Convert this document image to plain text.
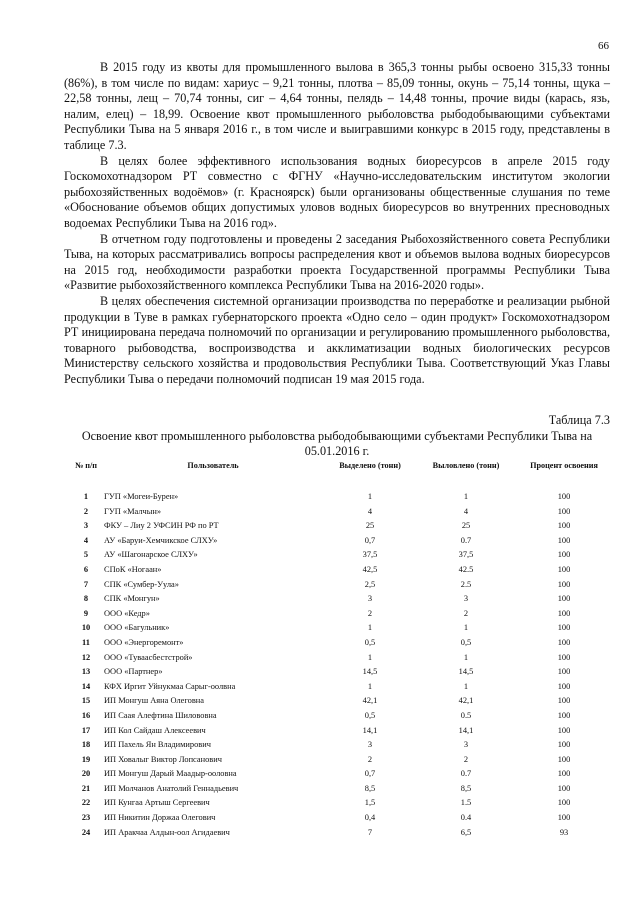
66

В 2015 году из квоты для промышленного вылова в 365,3 тонны рыбы освоено 315,33 тонны (86%), в том числе по видам: хариус – 9,21 тонны, плотва – 85,09 тонны, окунь – 75,14 тонны, щука – 22,58 тонны, лещ – 70,74 тонны, сиг – 4,64 тонны, пелядь – 14,48 тонны, прочие виды (карась, язь, налим, елец) – 18,99. Освоение квот промышленного рыболовства рыбодобывающими субъектами Республики Тыва на 5 января 2016 г., в том числе и выигравшими конкурс в 2015 году, представлены в таблице 7.3.

В целях более эффективного использования водных биоресурсов в апреле 2015 году Госкомохотнадзором РТ совместно с ФГНУ «Научно-исследовательским институтом экологии рыбохозяйственных водоёмов» (г. Красноярск) были организованы общественные слушания по теме «Обоснование объемов общих допустимых уловов водных биоресурсов во внутренних пресноводных водоемах Республики Тыва на 2016 год».

В отчетном году подготовлены и проведены 2 заседания Рыбохозяйственного совета Республики Тыва, на которых рассматривались вопросы распределения квот и объемов вылова водных биоресурсов на 2015 год, необходимости разработки проекта Государственной программы Республики Тыва «Развитие рыбохозяйственного комплекса Республики Тыва на 2016-2020 годы».

В целях обеспечения системной организации производства по переработке и реализации рыбной продукции в Туве в рамках губернаторского проекта «Одно село – один продукт» Госкомохотнадзором РТ инициирована передача полномочий по организации и регулированию промышленного рыболовства, товарного рыбоводства, воспроизводства и акклиматизации водных биологических ресурсов Министерству сельского хозяйства и продовольствия Республики Тыва. Соответствующий Указ Главы Республики Тыва о передачи полномочий подписан 19 мая 2015 года.

Таблица 7.3
Освоение квот промышленного рыболовства рыбодобывающими субъектами Республики Тыва на 05.01.2016 г.
№ п/п	Пользователь	Выделено (тонн)	Выловлено (тонн)	Процент освоения
1	ГУП «Могеи-Бурен»	1	1	100
2	ГУП «Малчын»	4	4	100
3	ФКУ – Лиу 2 УФСИН РФ по РТ	25	25	100
4	АУ «Баруи-Хемчикское СЛХУ»	0,7	0.7	100
5	АУ «Шагонарское СЛХУ»	37,5	37,5	100
6	СПоК «Ногаан»	42,5	42.5	100
7	СПК «Сумбер-Уула»	2,5	2.5	100
8	СПК «Монгун»	3	3	100
9	ООО «Кедр»	2	2	100
10	ООО «Багульник»	1	1	100
11	ООО «Энергоремонт»	0,5	0,5	100
12	ООО «Туваасбестстрой»	1	1	100
13	ООО «Партнер»	14,5	14,5	100
14	КФХ Иргит Уйнукмаа Сарыг-оолвна	1	1	100
15	ИП Монгуш Аяна Олеговна	42,1	42,1	100
16	ИП Саая Алефтина Шилововна	0,5	0.5	100
17	ИП Кол Сайдаш Алексеевич	14,1	14,1	100
18	ИП Пахель Ян Владимирович	3	3	100
19	ИП Ховалыг Виктор Лопсанович	2	2	100
20	ИП Монгуш Дарый Маадыр-ооловна	0,7	0.7	100
21	ИП Молчанов Анатолий Геннадьевич	8,5	8,5	100
22	ИП Кунгаа Артыш Сергеевич	1,5	1.5	100
23	ИП Никитин Доржаа Олегович	0,4	0.4	100
24	ИП Аракчаа Алдын-оол Агидаевич	7	6,5	93
